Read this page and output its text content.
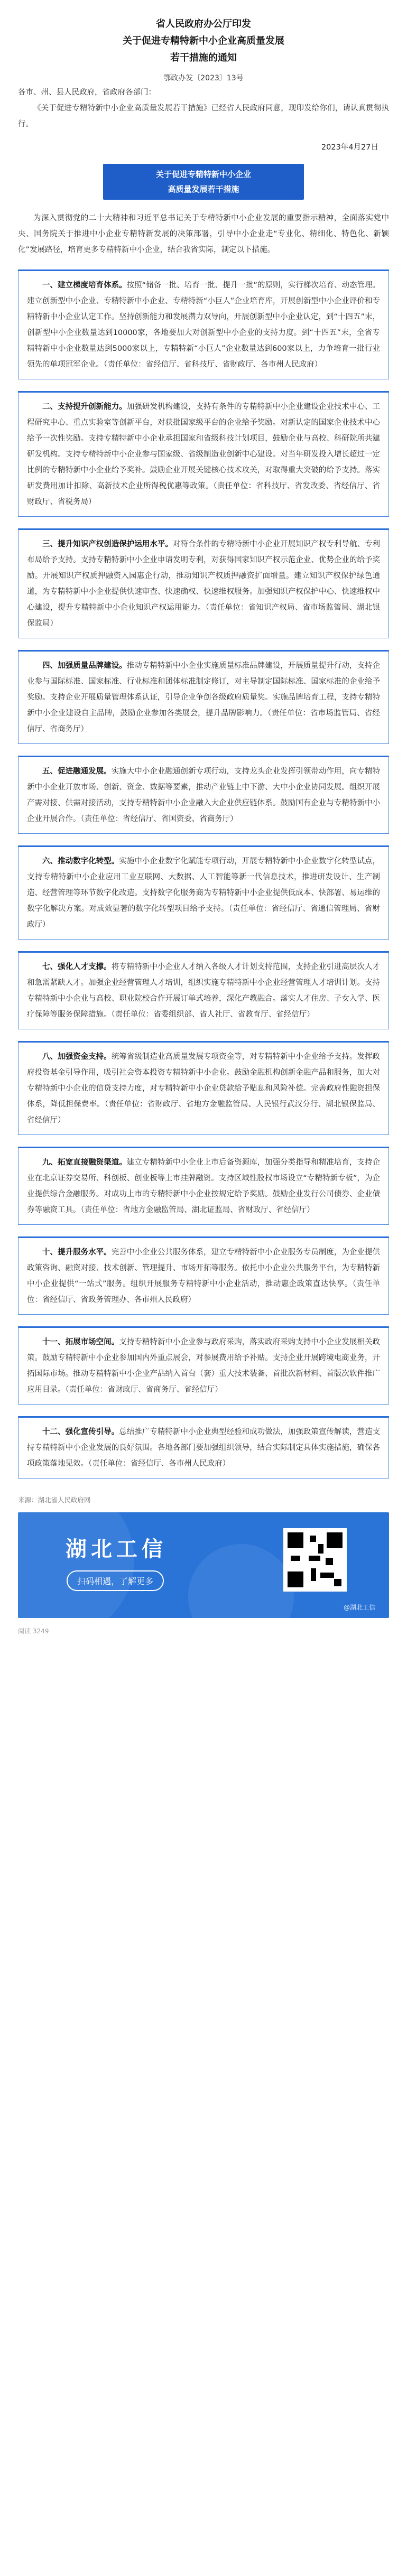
省人民政府办公厅印发
关于促进专精特新中小企业高质量发展
若干措施的通知
鄂政办发〔2023〕13号

各市、州、县人民政府，省政府各部门：

《关于促进专精特新中小企业高质量发展若干措施》已经省人民政府同意，现印发给你们，请认真贯彻执行。

2023年4月27日
关于促进专精特新中小企业
高质量发展若干措施

为深入贯彻党的二十大精神和习近平总书记关于专精特新中小企业发展的重要指示精神，全面落实党中央、国务院关于推进中小企业专精特新发展的决策部署，引导中小企业走“专业化、精细化、特色化、新颖化”发展路径，培育更多专精特新中小企业，结合我省实际，制定以下措施。

一、建立梯度培育体系。按照“储备一批、培育一批、提升一批”的原则，实行梯次培育、动态管理。建立创新型中小企业、专精特新中小企业、专精特新“小巨人”企业培育库，开展创新型中小企业评价和专精特新中小企业认定工作。坚持创新能力和发展潜力双导向，开展创新型中小企业认定，到“十四五”末，创新型中小企业数量达到10000家，各地要加大对创新型中小企业的支持力度。到“十四五”末，全省专精特新中小企业数量达到5000家以上，专精特新“小巨人”企业数量达到600家以上，力争培育一批行业领先的单项冠军企业。（责任单位：省经信厅、省科技厅、省财政厅、各市州人民政府）

二、支持提升创新能力。加强研发机构建设，支持有条件的专精特新中小企业建设企业技术中心、工程研究中心、重点实验室等创新平台，对获批国家级平台的企业给予奖励。对新认定的国家企业技术中心给予一次性奖励。支持专精特新中小企业承担国家和省级科技计划项目，鼓励企业与高校、科研院所共建研发机构。支持专精特新中小企业参与国家级、省级制造业创新中心建设。对当年研发投入增长超过一定比例的专精特新中小企业给予奖补。鼓励企业开展关键核心技术攻关，对取得重大突破的给予支持。落实研发费用加计扣除、高新技术企业所得税优惠等政策。（责任单位：省科技厅、省发改委、省经信厅、省财政厅、省税务局）

三、提升知识产权创造保护运用水平。对符合条件的专精特新中小企业开展知识产权专利导航、专利布局给予支持。支持专精特新中小企业申请发明专利，对获得国家知识产权示范企业、优势企业的给予奖励。开展知识产权质押融资入园惠企行动，推动知识产权质押融资扩面增量。建立知识产权保护绿色通道，为专精特新中小企业提供快速审查、快速确权、快速维权服务。加强知识产权保护中心、快速维权中心建设，提升专精特新中小企业知识产权运用能力。（责任单位：省知识产权局、省市场监管局、湖北银保监局）

四、加强质量品牌建设。推动专精特新中小企业实施质量标准品牌建设，开展质量提升行动，支持企业参与国际标准、国家标准、行业标准和团体标准制定修订，对主导制定国际标准、国家标准的企业给予奖励。支持企业开展质量管理体系认证，引导企业争创各级政府质量奖。实施品牌培育工程，支持专精特新中小企业建设自主品牌，鼓励企业参加各类展会，提升品牌影响力。（责任单位：省市场监管局、省经信厅、省商务厅）

五、促进融通发展。实施大中小企业融通创新专项行动，支持龙头企业发挥引领带动作用，向专精特新中小企业开放市场、创新、资金、数据等要素，推动产业链上中下游、大中小企业协同发展。组织开展产需对接、供需对接活动，支持专精特新中小企业融入大企业供应链体系。鼓励国有企业与专精特新中小企业开展合作。（责任单位：省经信厅、省国资委、省商务厅）

六、推动数字化转型。实施中小企业数字化赋能专项行动，开展专精特新中小企业数字化转型试点，支持专精特新中小企业应用工业互联网、大数据、人工智能等新一代信息技术，推进研发设计、生产制造、经营管理等环节数字化改造。支持数字化服务商为专精特新中小企业提供低成本、快部署、易运维的数字化解决方案。对成效显著的数字化转型项目给予支持。（责任单位：省经信厅、省通信管理局、省财政厅）

七、强化人才支撑。将专精特新中小企业人才纳入各级人才计划支持范围，支持企业引进高层次人才和急需紧缺人才。加强企业经营管理人才培训，组织实施专精特新中小企业经营管理人才培训计划。支持专精特新中小企业与高校、职业院校合作开展订单式培养，深化产教融合。落实人才住房、子女入学、医疗保障等服务保障措施。（责任单位：省委组织部、省人社厅、省教育厅、省经信厅）

八、加强资金支持。统筹省级制造业高质量发展专项资金等，对专精特新中小企业给予支持。发挥政府投资基金引导作用，吸引社会资本投资专精特新中小企业。鼓励金融机构创新金融产品和服务，加大对专精特新中小企业的信贷支持力度，对专精特新中小企业贷款给予贴息和风险补偿。完善政府性融资担保体系，降低担保费率。（责任单位：省财政厅、省地方金融监管局、人民银行武汉分行、湖北银保监局、省经信厅）

九、拓宽直接融资渠道。建立专精特新中小企业上市后备资源库，加强分类指导和精准培育，支持企业在北京证券交易所、科创板、创业板等上市挂牌融资。支持区域性股权市场设立“专精特新专板”，为企业提供综合金融服务。对成功上市的专精特新中小企业按规定给予奖励。鼓励企业发行公司债券、企业债券等融资工具。（责任单位：省地方金融监管局、湖北证监局、省财政厅、省经信厅）

十、提升服务水平。完善中小企业公共服务体系，建立专精特新中小企业服务专员制度，为企业提供政策咨询、融资对接、技术创新、管理提升、市场开拓等服务。依托中小企业公共服务平台，为专精特新中小企业提供“一站式”服务。组织开展服务专精特新中小企业活动，推动惠企政策直达快享。（责任单位：省经信厅、省政务管理办、各市州人民政府）

十一、拓展市场空间。支持专精特新中小企业参与政府采购，落实政府采购支持中小企业发展相关政策。鼓励专精特新中小企业参加国内外重点展会，对参展费用给予补贴。支持企业开展跨境电商业务，开拓国际市场。推动专精特新中小企业产品纳入首台（套）重大技术装备、首批次新材料、首版次软件推广应用目录。（责任单位：省财政厅、省商务厅、省经信厅）

十二、强化宣传引导。总结推广专精特新中小企业典型经验和成功做法，加强政策宣传解读，营造支持专精特新中小企业发展的良好氛围。各地各部门要加强组织领导，结合实际制定具体实施措施，确保各项政策落地见效。（责任单位：省经信厅、各市州人民政府）

来源：湖北省人民政府网
湖北工信
扫码相遇，了解更多
@湖北工信
阅读 3249
